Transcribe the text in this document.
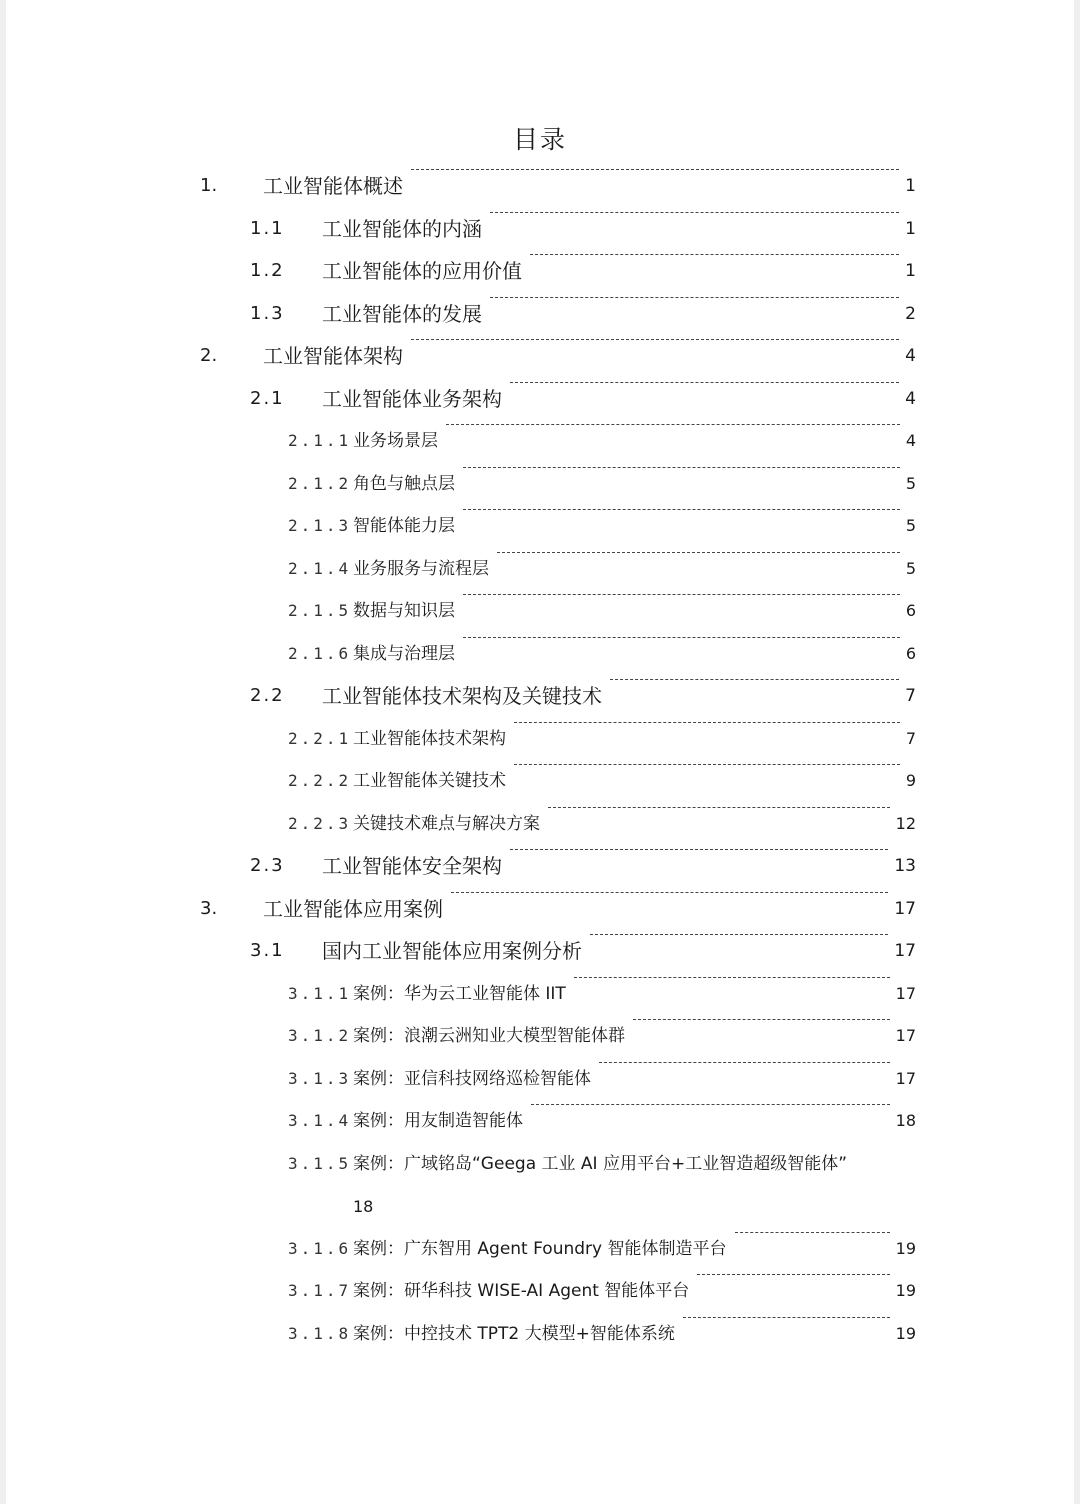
目录
1. 工业智能体概述	1
1.1 工业智能体的内涵	1
1.2 工业智能体的应用价值	1
1.3 工业智能体的发展	2
2. 工业智能体架构	4
2.1 工业智能体业务架构	4
2.1.1 业务场景层	4
2.1.2 角色与触点层	5
2.1.3 智能体能力层	5
2.1.4 业务服务与流程层	5
2.1.5 数据与知识层	6
2.1.6 集成与治理层	6
2.2 工业智能体技术架构及关键技术	7
2.2.1 工业智能体技术架构	7
2.2.2 工业智能体关键技术	9
2.2.3 关键技术难点与解决方案	12
2.3 工业智能体安全架构	13
3. 工业智能体应用案例	17
3.1 国内工业智能体应用案例分析	17
3.1.1 案例：华为云工业智能体 IIT	17
3.1.2 案例：浪潮云洲知业大模型智能体群	17
3.1.3 案例：亚信科技网络巡检智能体	17
3.1.4 案例：用友制造智能体	18
3.1.5 案例：广域铭岛“Geega 工业 AI 应用平台+工业智造超级智能体”
18
3.1.6 案例：广东智用 Agent Foundry 智能体制造平台	19
3.1.7 案例：研华科技 WISE-AI Agent 智能体平台	19
3.1.8 案例：中控技术 TPT2 大模型+智能体系统	19
